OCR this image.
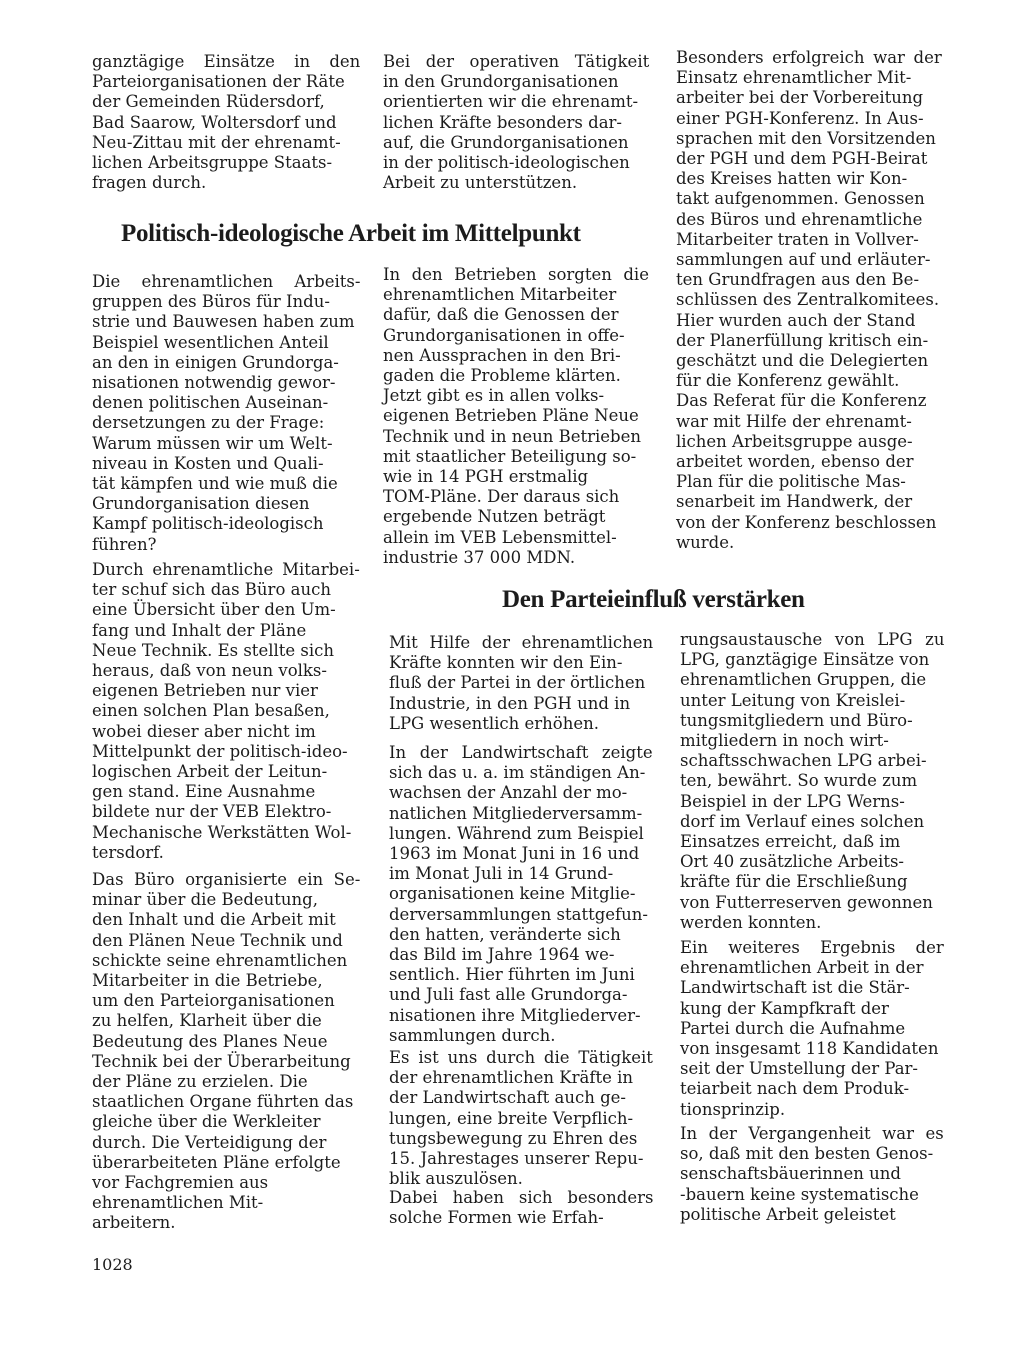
ganztägige Einsätze in den
Parteiorganisationen der Räte
der Gemeinden Rüdersdorf,
Bad Saarow, Woltersdorf und
Neu-Zittau mit der ehrenamt-
lichen Arbeitsgruppe Staats-
fragen durch.
Bei der operativen Tätigkeit
in den Grundorganisationen
orientierten wir die ehrenamt-
lichen Kräfte besonders dar-
auf, die Grundorganisationen
in der politisch-ideologischen
Arbeit zu unterstützen.
Besonders erfolgreich war der
Einsatz ehrenamtlicher Mit-
arbeiter bei der Vorbereitung
einer PGH-Konferenz. In Aus-
sprachen mit den Vorsitzenden
der PGH und dem PGH-Beirat
des Kreises hatten wir Kon-
takt aufgenommen. Genossen
des Büros und ehrenamtliche
Mitarbeiter traten in Vollver-
sammlungen auf und erläuter-
ten Grundfragen aus den Be-
schlüssen des Zentralkomitees.
Hier wurden auch der Stand
der Planerfüllung kritisch ein-
geschätzt und die Delegierten
für die Konferenz gewählt.
Das Referat für die Konferenz
war mit Hilfe der ehrenamt-
lichen Arbeitsgruppe ausge-
arbeitet worden, ebenso der
Plan für die politische Mas-
senarbeit im Handwerk, der
von der Konferenz beschlossen
wurde.
Politisch-ideologische Arbeit im Mittelpunkt
Die ehrenamtlichen Arbeits-
gruppen des Büros für Indu-
strie und Bauwesen haben zum
Beispiel wesentlichen Anteil
an den in einigen Grundorga-
nisationen notwendig gewor-
denen politischen Auseinan-
dersetzungen zu der Frage:
Warum müssen wir um Welt-
niveau in Kosten und Quali-
tät kämpfen und wie muß die
Grundorganisation diesen
Kampf politisch-ideologisch
führen?
In den Betrieben sorgten die
ehrenamtlichen Mitarbeiter
dafür, daß die Genossen der
Grundorganisationen in offe-
nen Aussprachen in den Bri-
gaden die Probleme klärten.
Jetzt gibt es in allen volks-
eigenen Betrieben Pläne Neue
Technik und in neun Betrieben
mit staatlicher Beteiligung so-
wie in 14 PGH erstmalig
TOM-Pläne. Der daraus sich
ergebende Nutzen beträgt
allein im VEB Lebensmittel-
industrie 37 000 MDN.
Durch ehrenamtliche Mitarbei-
ter schuf sich das Büro auch
eine Übersicht über den Um-
fang und Inhalt der Pläne
Neue Technik. Es stellte sich
heraus, daß von neun volks-
eigenen Betrieben nur vier
einen solchen Plan besaßen,
wobei dieser aber nicht im
Mittelpunkt der politisch-ideo-
logischen Arbeit der Leitun-
gen stand. Eine Ausnahme
bildete nur der VEB Elektro-
Mechanische Werkstätten Wol-
tersdorf.
Das Büro organisierte ein Se-
minar über die Bedeutung,
den Inhalt und die Arbeit mit
den Plänen Neue Technik und
schickte seine ehrenamtlichen
Mitarbeiter in die Betriebe,
um den Parteiorganisationen
zu helfen, Klarheit über die
Bedeutung des Planes Neue
Technik bei der Überarbeitung
der Pläne zu erzielen. Die
staatlichen Organe führten das
gleiche über die Werkleiter
durch. Die Verteidigung der
überarbeiteten Pläne erfolgte
vor Fachgremien aus
ehrenamtlichen Mit-
arbeitern.
Den Parteieinfluß verstärken
Mit Hilfe der ehrenamtlichen
Kräfte konnten wir den Ein-
fluß der Partei in der örtlichen
Industrie, in den PGH und in
LPG wesentlich erhöhen.
In der Landwirtschaft zeigte
sich das u. a. im ständigen An-
wachsen der Anzahl der mo-
natlichen Mitgliederversamm-
lungen. Während zum Beispiel
1963 im Monat Juni in 16 und
im Monat Juli in 14 Grund-
organisationen keine Mitglie-
derversammlungen stattgefun-
den hatten, veränderte sich
das Bild im Jahre 1964 we-
sentlich. Hier führten im Juni
und Juli fast alle Grundorga-
nisationen ihre Mitgliederver-
sammlungen durch.
Es ist uns durch die Tätigkeit
der ehrenamtlichen Kräfte in
der Landwirtschaft auch ge-
lungen, eine breite Verpflich-
tungsbewegung zu Ehren des
15. Jahrestages unserer Repu-
blik auszulösen.
Dabei haben sich besonders
solche Formen wie Erfah-
rungsaustausche von LPG zu
LPG, ganztägige Einsätze von
ehrenamtlichen Gruppen, die
unter Leitung von Kreislei-
tungsmitgliedern und Büro-
mitgliedern in noch wirt-
schaftsschwachen LPG arbei-
ten, bewährt. So wurde zum
Beispiel in der LPG Werns-
dorf im Verlauf eines solchen
Einsatzes erreicht, daß im
Ort 40 zusätzliche Arbeits-
kräfte für die Erschließung
von Futterreserven gewonnen
werden konnten.
Ein weiteres Ergebnis der
ehrenamtlichen Arbeit in der
Landwirtschaft ist die Stär-
kung der Kampfkraft der
Partei durch die Aufnahme
von insgesamt 118 Kandidaten
seit der Umstellung der Par-
teiarbeit nach dem Produk-
tionsprinzip.
In der Vergangenheit war es
so, daß mit den besten Genos-
senschaftsbäuerinnen und
-bauern keine systematische
politische Arbeit geleistet
1028
